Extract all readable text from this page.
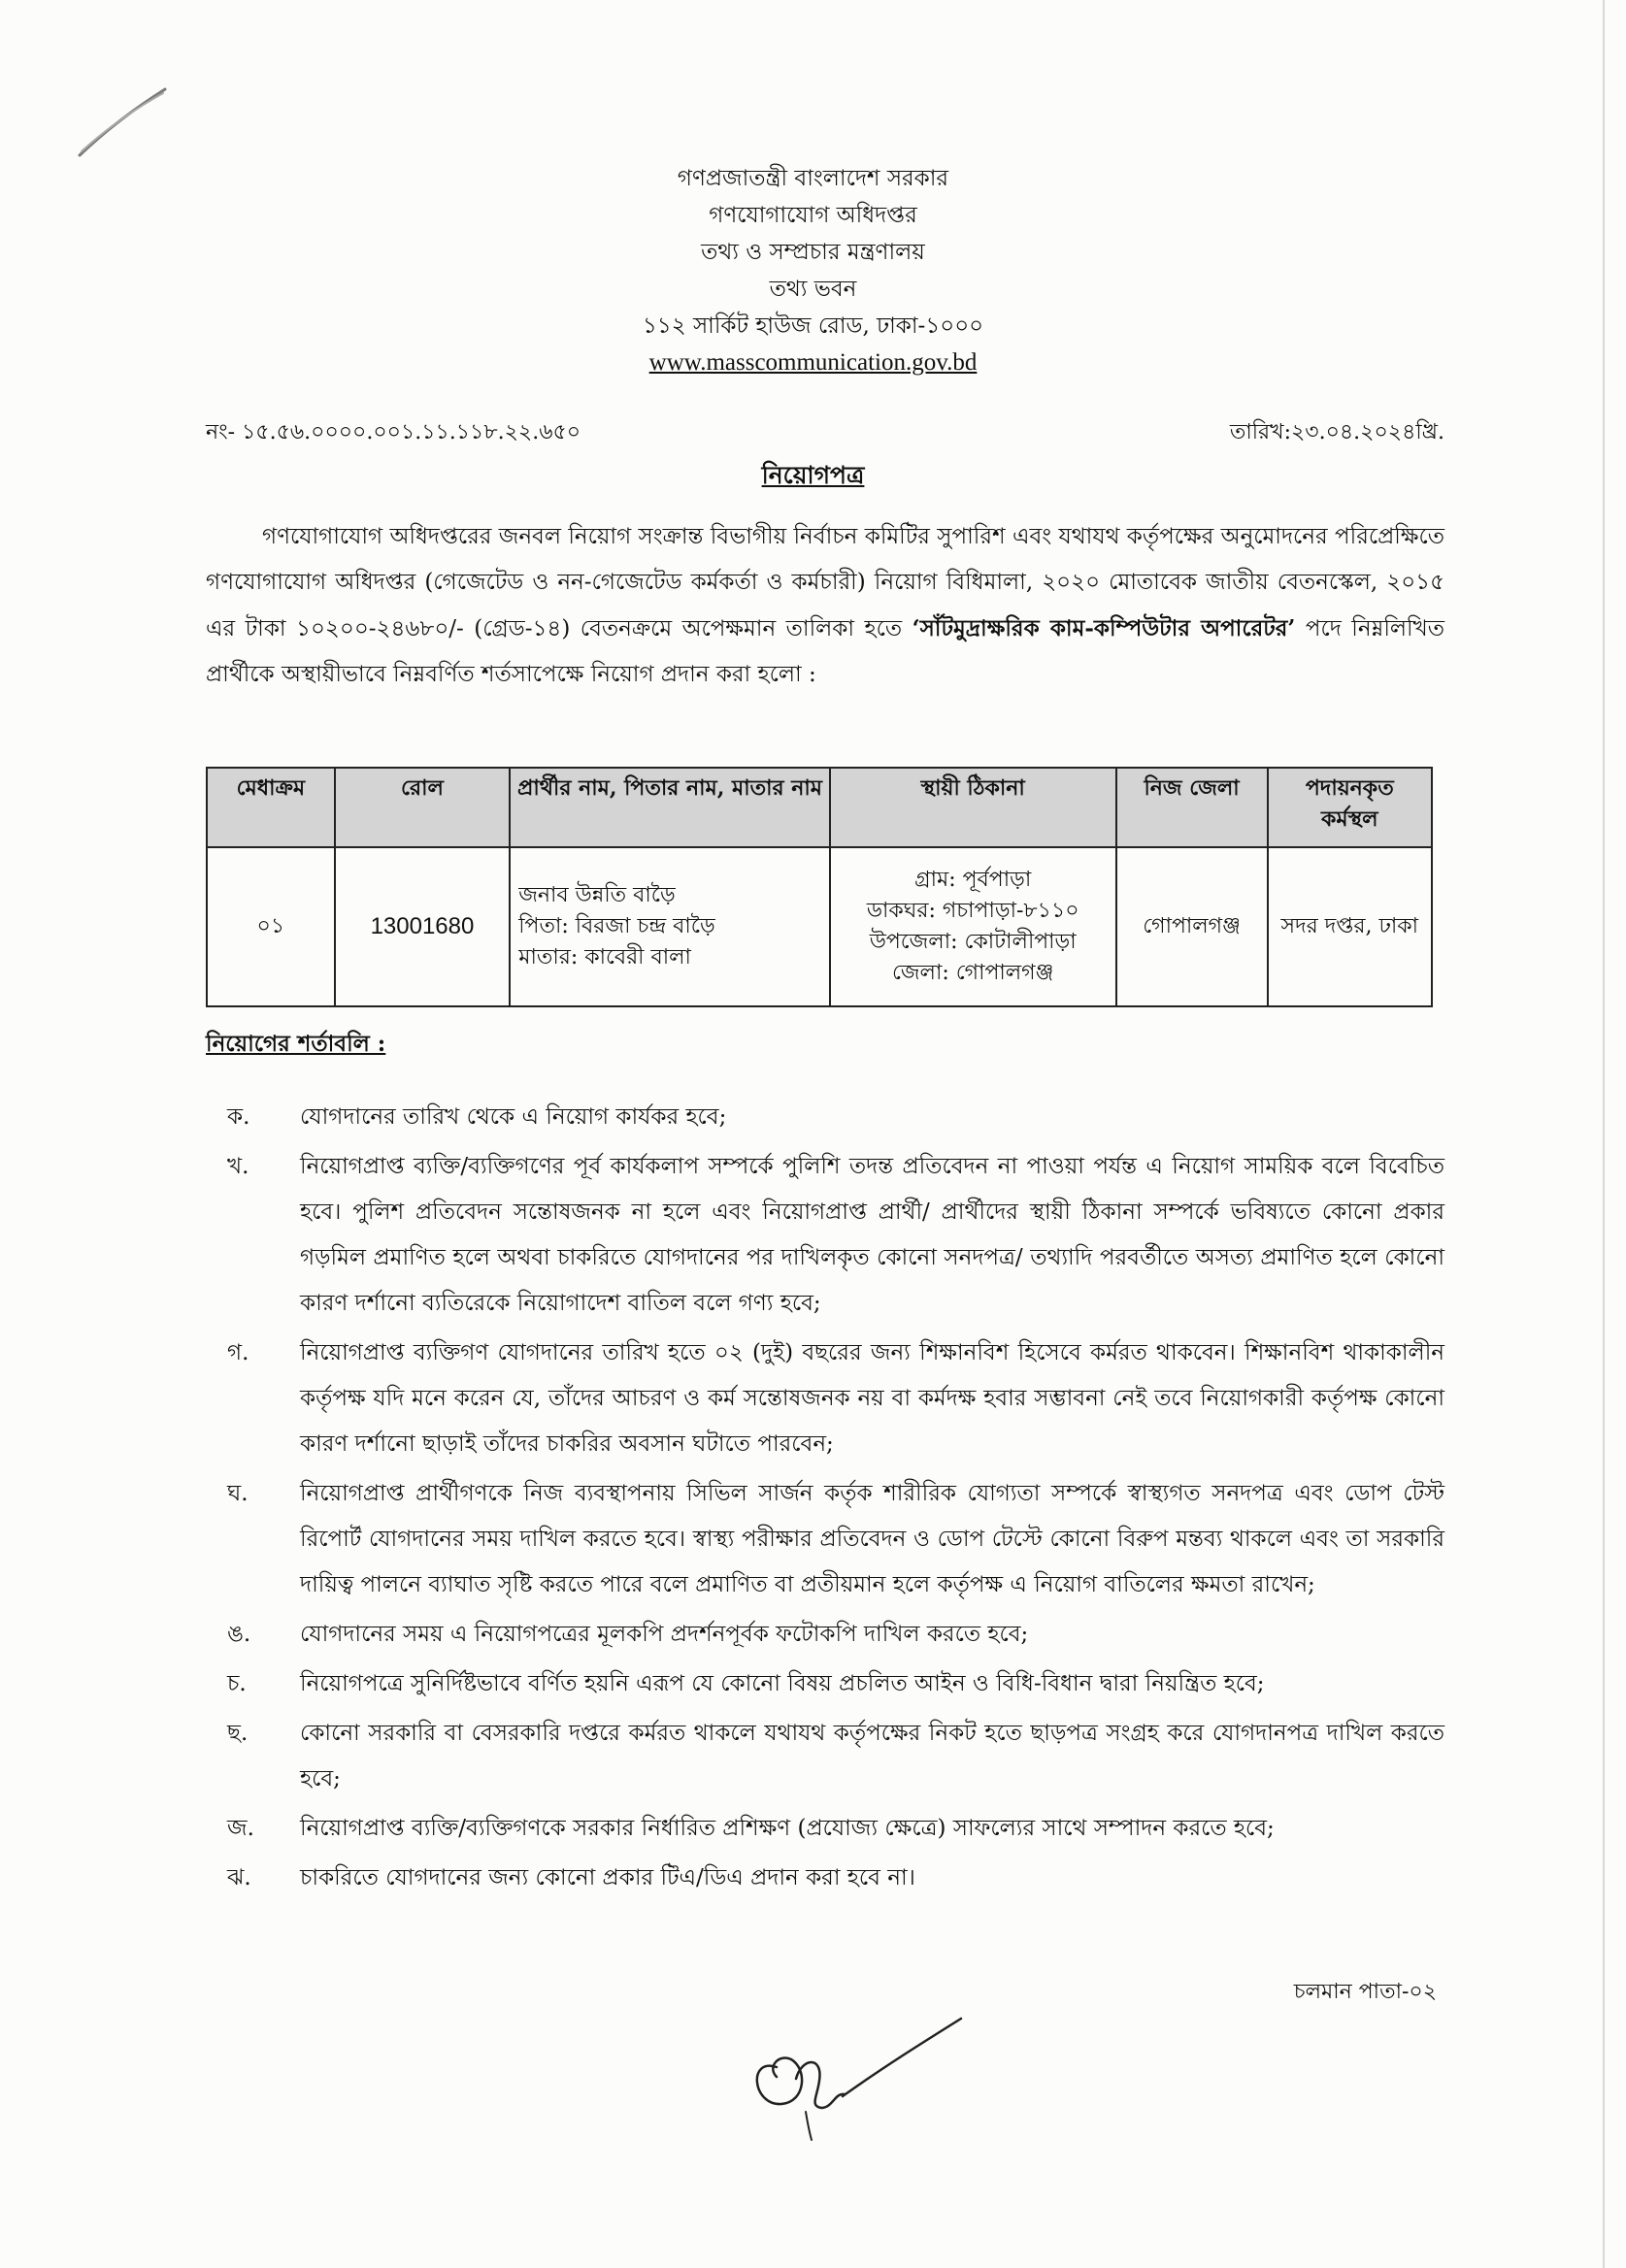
গণপ্রজাতন্ত্রী বাংলাদেশ সরকার
গণযোগাযোগ অধিদপ্তর
তথ্য ও সম্প্রচার মন্ত্রণালয়
তথ্য ভবন
১১২ সার্কিট হাউজ রোড, ঢাকা-১০০০
www.masscommunication.gov.bd
নং- ১৫.৫৬.০০০০.০০১.১১.১১৮.২২.৬৫০	তারিখ:২৩.০৪.২০২৪খ্রি.
নিয়োগপত্র
গণযোগাযোগ অধিদপ্তরের জনবল নিয়োগ সংক্রান্ত বিভাগীয় নির্বাচন কমিটির সুপারিশ এবং যথাযথ কর্তৃপক্ষের অনুমোদনের পরিপ্রেক্ষিতে গণযোগাযোগ অধিদপ্তর (গেজেটেড ও নন-গেজেটেড কর্মকর্তা ও কর্মচারী) নিয়োগ বিধিমালা, ২০২০ মোতাবেক জাতীয় বেতনস্কেল, ২০১৫ এর টাকা ১০২০০-২৪৬৮০/- (গ্রেড-১৪) বেতনক্রমে অপেক্ষমান তালিকা হতে ‘সাঁটমুদ্রাক্ষরিক কাম-কম্পিউটার অপারেটর’ পদে নিম্নলিখিত প্রার্থীকে অস্থায়ীভাবে নিম্নবর্ণিত শর্তসাপেক্ষে নিয়োগ প্রদান করা হলো :
মেধাক্রম	রোল	প্রার্থীর নাম, পিতার নাম, মাতার নাম	স্থায়ী ঠিকানা	নিজ জেলা	পদায়নকৃত কর্মস্থল
০১	13001680	জনাব উন্নতি বাড়ৈ
পিতা: বিরজা চন্দ্র বাড়ৈ
মাতার: কাবেরী বালা	গ্রাম: পূর্বপাড়া
ডাকঘর: গচাপাড়া-৮১১০
উপজেলা: কোটালীপাড়া
জেলা: গোপালগঞ্জ	গোপালগঞ্জ	সদর দপ্তর, ঢাকা
নিয়োগের শর্তাবলি :
ক. যোগদানের তারিখ থেকে এ নিয়োগ কার্যকর হবে;
খ. নিয়োগপ্রাপ্ত ব্যক্তি/ব্যক্তিগণের পূর্ব কার্যকলাপ সম্পর্কে পুলিশি তদন্ত প্রতিবেদন না পাওয়া পর্যন্ত এ নিয়োগ সাময়িক বলে বিবেচিত হবে। পুলিশ প্রতিবেদন সন্তোষজনক না হলে এবং নিয়োগপ্রাপ্ত প্রার্থী/ প্রার্থীদের স্থায়ী ঠিকানা সম্পর্কে ভবিষ্যতে কোনো প্রকার গড়মিল প্রমাণিত হলে অথবা চাকরিতে যোগদানের পর দাখিলকৃত কোনো সনদপত্র/ তথ্যাদি পরবর্তীতে অসত্য প্রমাণিত হলে কোনো কারণ দর্শানো ব্যতিরেকে নিয়োগাদেশ বাতিল বলে গণ্য হবে;
গ. নিয়োগপ্রাপ্ত ব্যক্তিগণ যোগদানের তারিখ হতে ০২ (দুই) বছরের জন্য শিক্ষানবিশ হিসেবে কর্মরত থাকবেন। শিক্ষানবিশ থাকাকালীন কর্তৃপক্ষ যদি মনে করেন যে, তাঁদের আচরণ ও কর্ম সন্তোষজনক নয় বা কর্মদক্ষ হবার সম্ভাবনা নেই তবে নিয়োগকারী কর্তৃপক্ষ কোনো কারণ দর্শানো ছাড়াই তাঁদের চাকরির অবসান ঘটাতে পারবেন;
ঘ. নিয়োগপ্রাপ্ত প্রার্থীগণকে নিজ ব্যবস্থাপনায় সিভিল সার্জন কর্তৃক শারীরিক যোগ্যতা সম্পর্কে স্বাস্থ্যগত সনদপত্র এবং ডোপ টেস্ট রিপোর্ট যোগদানের সময় দাখিল করতে হবে। স্বাস্থ্য পরীক্ষার প্রতিবেদন ও ডোপ টেস্টে কোনো বিরুপ মন্তব্য থাকলে এবং তা সরকারি দায়িত্ব পালনে ব্যাঘাত সৃষ্টি করতে পারে বলে প্রমাণিত বা প্রতীয়মান হলে কর্তৃপক্ষ এ নিয়োগ বাতিলের ক্ষমতা রাখেন;
ঙ. যোগদানের সময় এ নিয়োগপত্রের মূলকপি প্রদর্শনপূর্বক ফটোকপি দাখিল করতে হবে;
চ. নিয়োগপত্রে সুনির্দিষ্টভাবে বর্ণিত হয়নি এরূপ যে কোনো বিষয় প্রচলিত আইন ও বিধি-বিধান দ্বারা নিয়ন্ত্রিত হবে;
ছ. কোনো সরকারি বা বেসরকারি দপ্তরে কর্মরত থাকলে যথাযথ কর্তৃপক্ষের নিকট হতে ছাড়পত্র সংগ্রহ করে যোগদানপত্র দাখিল করতে হবে;
জ. নিয়োগপ্রাপ্ত ব্যক্তি/ব্যক্তিগণকে সরকার নির্ধারিত প্রশিক্ষণ (প্রযোজ্য ক্ষেত্রে) সাফল্যের সাথে সম্পাদন করতে হবে;
ঝ. চাকরিতে যোগদানের জন্য কোনো প্রকার টিএ/ডিএ প্রদান করা হবে না।
চলমান পাতা-০২
